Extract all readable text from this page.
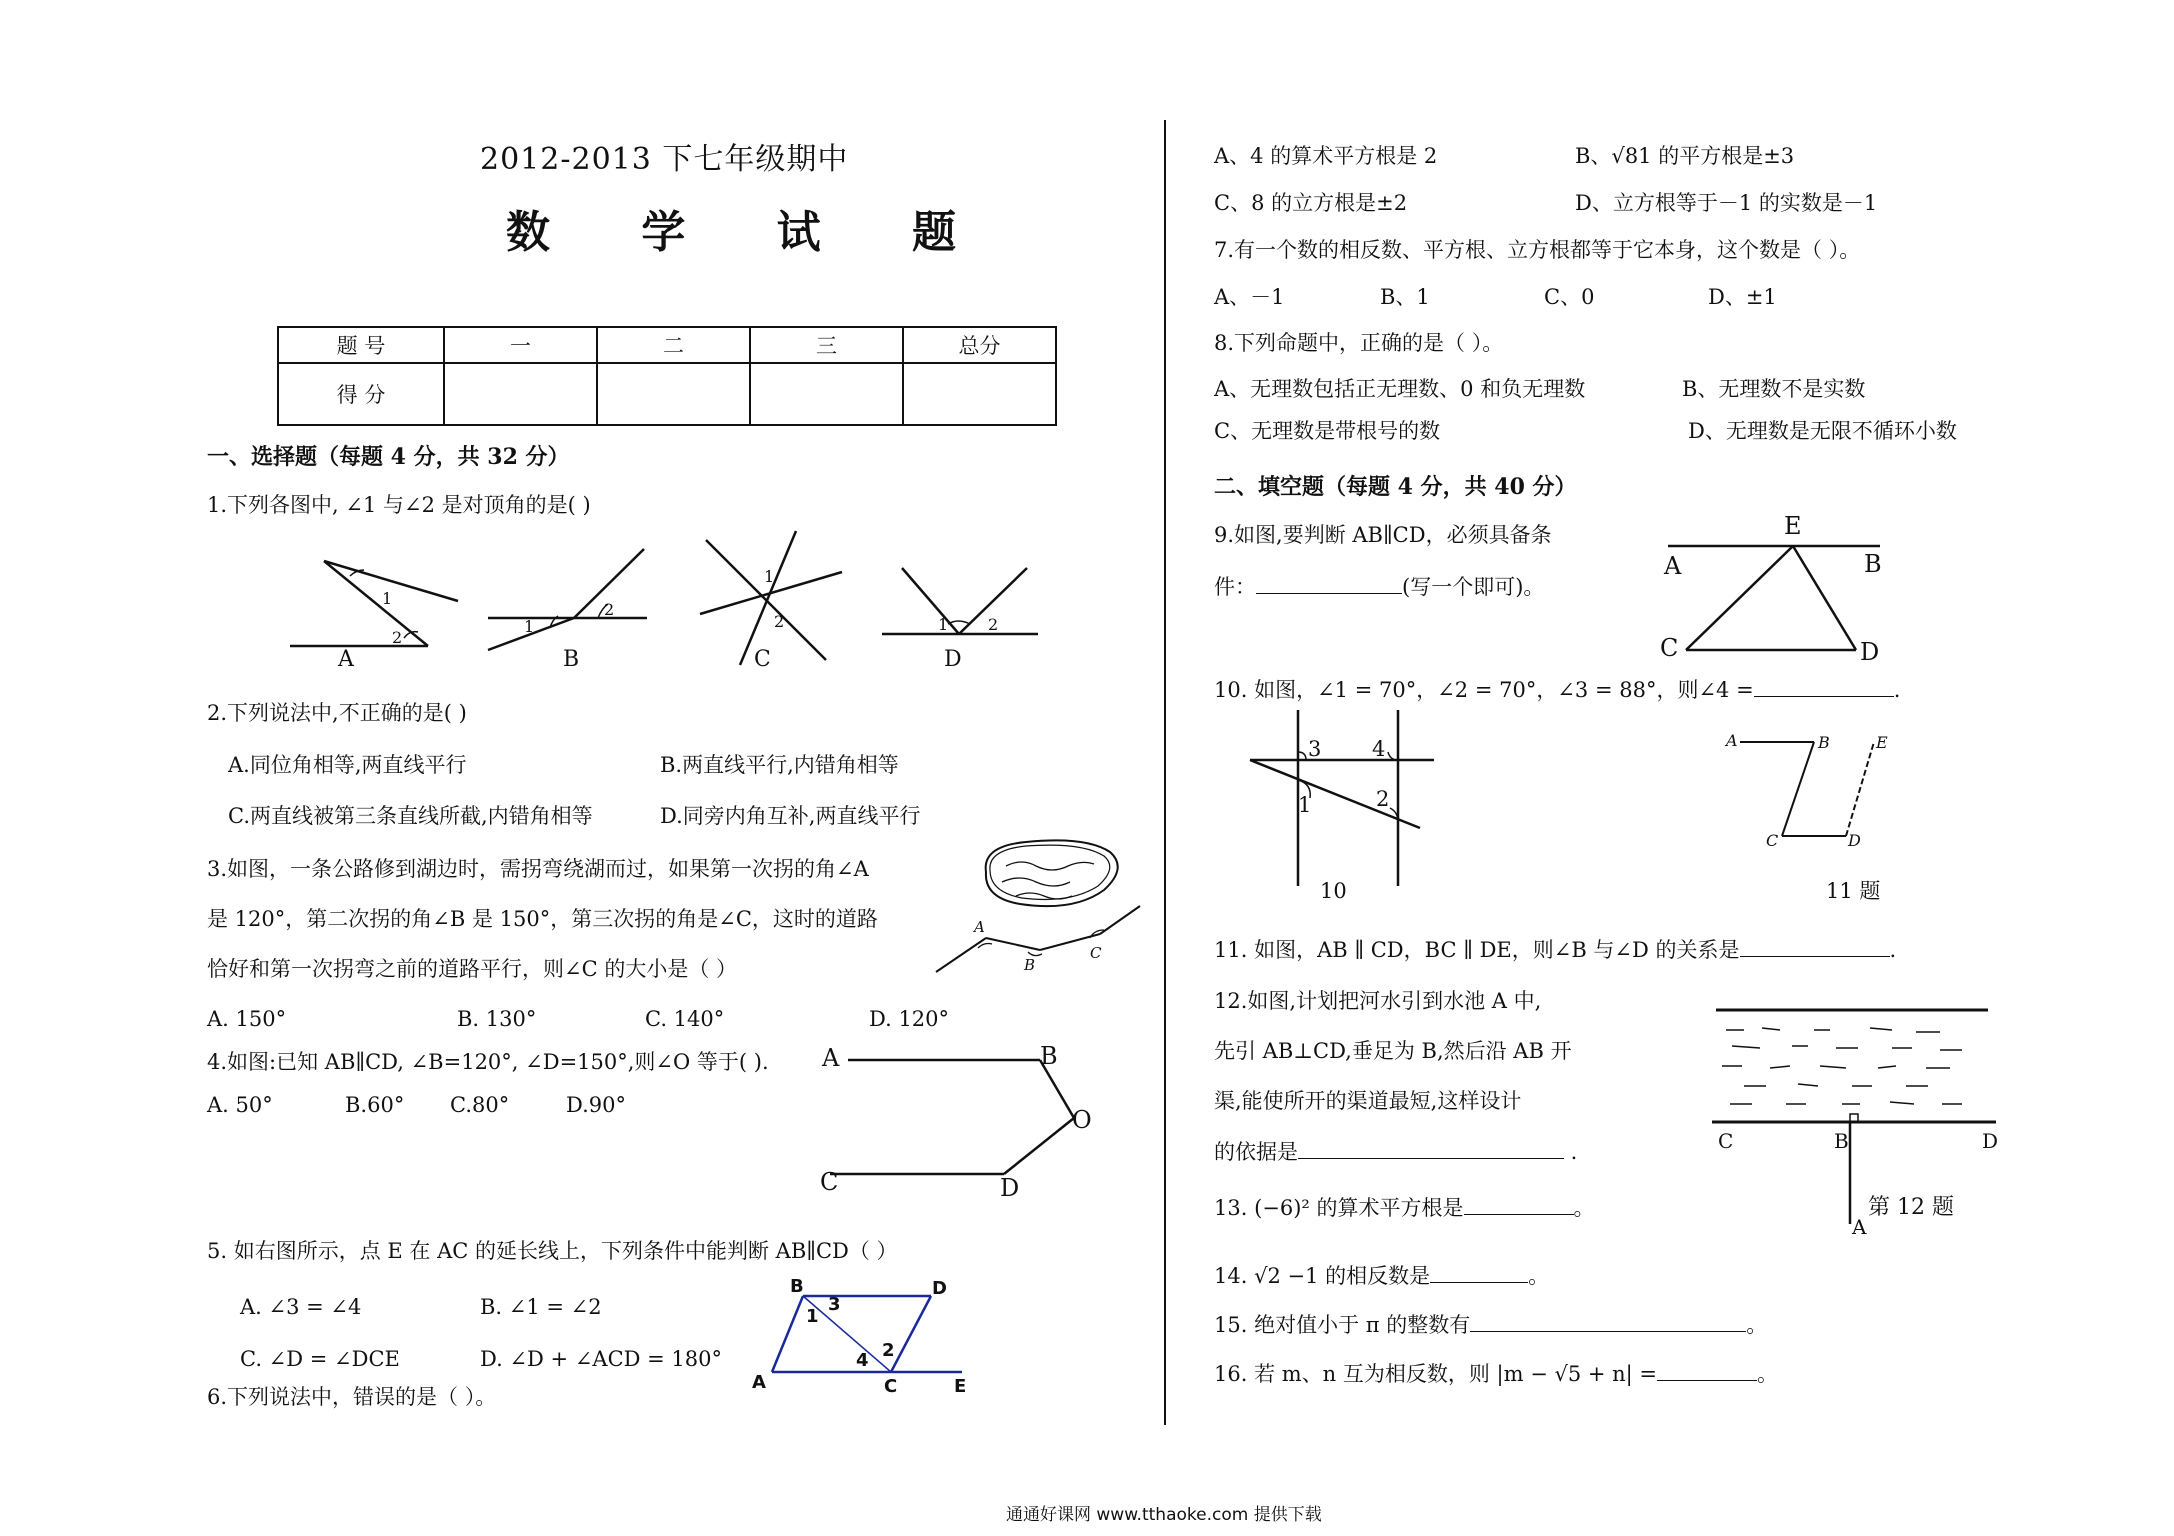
2012-2013 下七年级期中
数 学 试 题
题 号	一	二	三	总分
得 分				
一、选择题（每题 4 分，共 32 分）
1.下列各图中, ∠1 与∠2 是对顶角的是( )
1
2
1
2
1
2	1 2
A	B	C	D
2.下列说法中,不正确的是( )
A.同位角相等,两直线平行	B.两直线平行,内错角相等
C.两直线被第三条直线所截,内错角相等	D.同旁内角互补,两直线平行
3.如图，一条公路修到湖边时，需拐弯绕湖而过，如果第一次拐的角∠A
是 120°，第二次拐的角∠B 是 150°，第三次拐的角是∠C，这时的道路
恰好和第一次拐弯之前的道路平行，则∠C 的大小是（ ）
A
B
C
A. 150°	B. 130°	C. 140°	D. 120°
4.如图:已知 AB∥CD, ∠B=120°, ∠D=150°,则∠O 等于( ).
A. 50°	B.60° C.80°	D.90°
A	B
O
C	D
5. 如右图所示，点 E 在 AC 的延长线上，下列条件中能判断 AB∥CD（ ）
A. ∠3 = ∠4	B. ∠1 = ∠2
C. ∠D = ∠DCE	D. ∠D + ∠ACD = 180°
B	D
A	C	E
1
3
4 2
6.下列说法中，错误的是（ ）。
A、4 的算术平方根是 2	B、√81 的平方根是±3
C、8 的立方根是±2	D、立方根等于－1 的实数是－1
7.有一个数的相反数、平方根、立方根都等于它本身，这个数是（ ）。
A、－1	B、1	C、0	D、±1
8.下列命题中，正确的是（ ）。
A、无理数包括正无理数、0 和负无理数	B、无理数不是实数
C、无理数是带根号的数	D、无理数是无限不循环小数
二、填空题（每题 4 分，共 40 分）
9.如图,要判断 AB∥CD，必须具备条
件：	(写一个即可)。
E
A	B
C	D
10. 如图，∠1 = 70°，∠2 = 70°，∠3 = 88°，则∠4 =	.
3 4
1	2
10
A	B	E
C	D
11 题
11. 如图，AB ∥ CD，BC ∥ DE，则∠B 与∠D 的关系是	.
12.如图,计划把河水引到水池 A 中,
先引 AB⊥CD,垂足为 B,然后沿 AB 开
渠,能使所开的渠道最短,这样设计
的依据是	.	C	B	D
A
第 12 题
13. (−6)² 的算术平方根是	。
14. √2 −1 的相反数是	。
15. 绝对值小于 π 的整数有	。
16. 若 m、n 互为相反数，则 |m − √5 + n| =	。
通通好课网 www.tthaoke.com 提供下载
